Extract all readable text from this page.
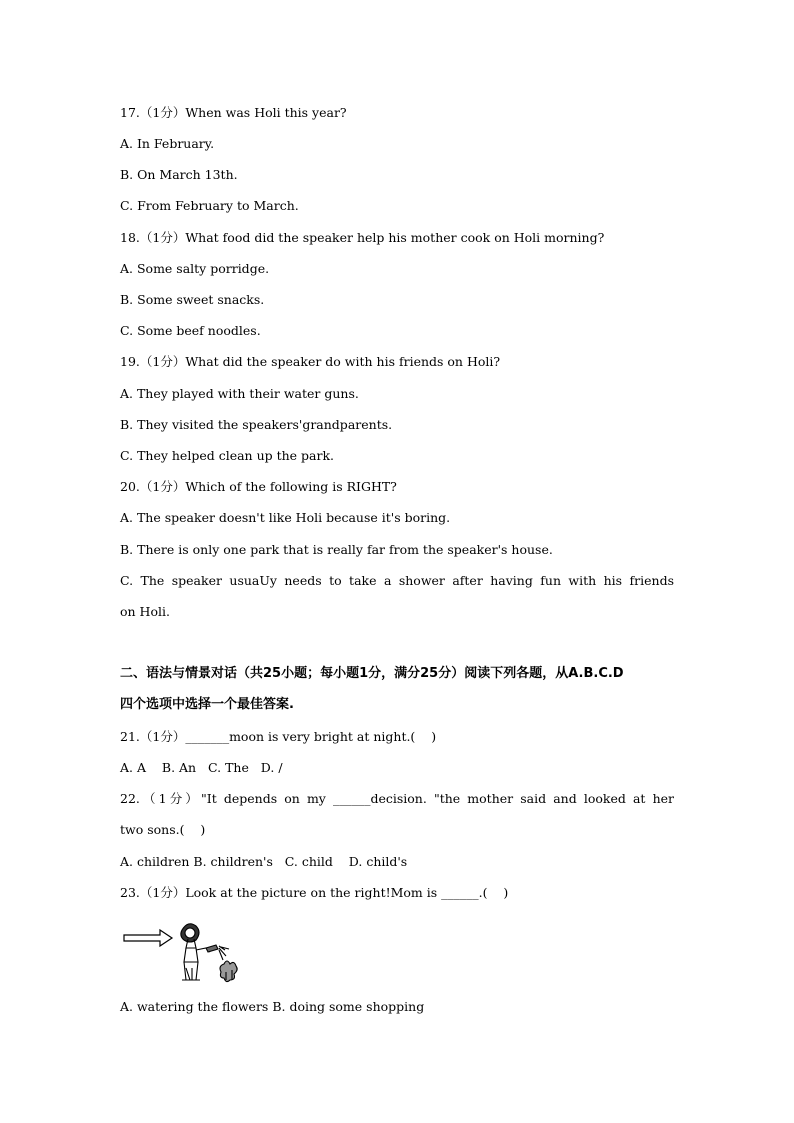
17.（1分）When was Holi this year?
A. In February.
B. On March 13th.
C. From February to March.
18.（1分）What food did the speaker help his mother cook on Holi morning?
A. Some salty porridge.
B. Some sweet snacks.
C. Some beef noodles.
19.（1分）What did the speaker do with his friends on Holi?
A. They played with their water guns.
B. They visited the speakers'grandparents.
C. They helped clean up the park.
20.（1分）Which of the following is RIGHT?
A. The speaker doesn't like Holi because it's boring.
B. There is only one park that is really far from the speaker's house.
C. The speaker usuaUy needs to take a shower after having fun with his friends
on Holi.
二、语法与情景对话（共25小题；每小题1分，满分25分）阅读下列各题，从A.B.C.D
四个选项中选择一个最佳答案.
21.（1分）_______moon is very bright at night.(    )
A. A    B. An   C. The   D. /
22.（1分）"It depends on my ______decision. "the mother said and looked at her
two sons.(    )
A. children B. children's   C. child    D. child's
23.（1分）Look at the picture on the right!Mom is ______.(    )
A. watering the flowers B. doing some shopping
